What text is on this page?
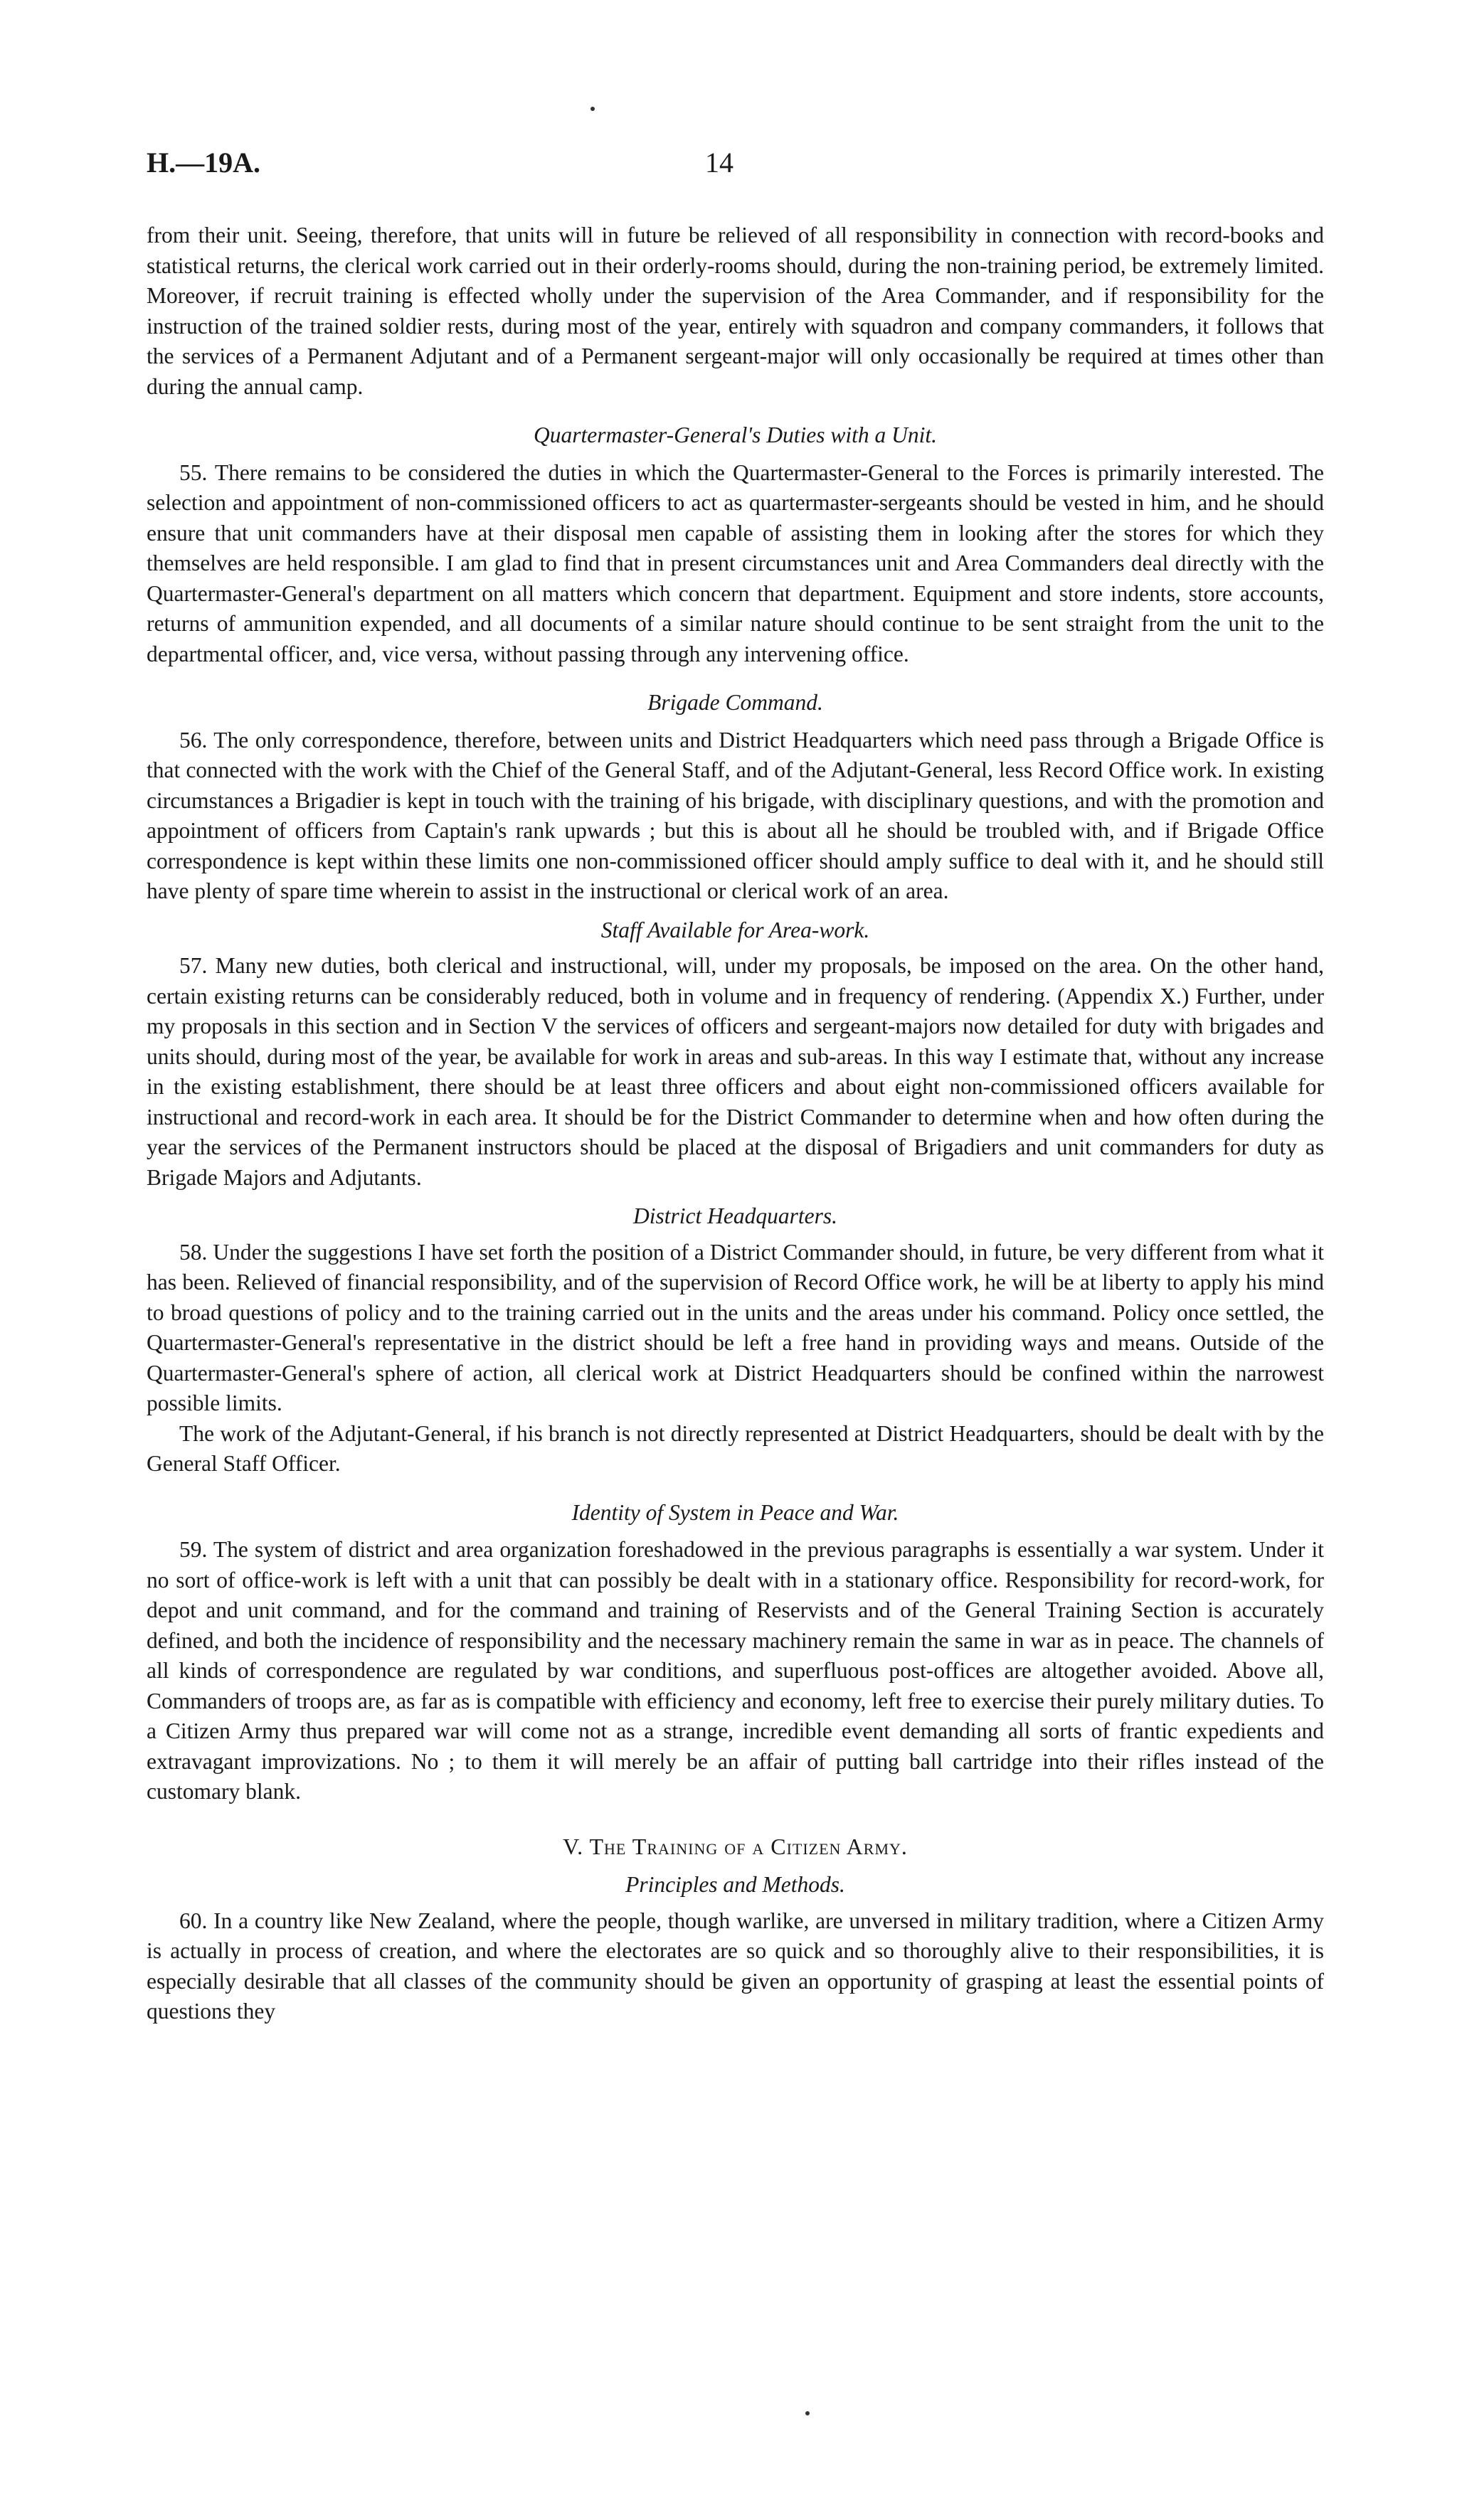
H.—19A.	14

from their unit. Seeing, therefore, that units will in future be relieved of all responsibility in connection with record-books and statistical returns, the clerical work carried out in their orderly-rooms should, during the non-training period, be extremely limited. Moreover, if recruit training is effected wholly under the supervision of the Area Commander, and if responsibility for the instruction of the trained soldier rests, during most of the year, entirely with squadron and company commanders, it follows that the services of a Permanent Adjutant and of a Permanent sergeant-major will only occasionally be required at times other than during the annual camp.

Quartermaster-General's Duties with a Unit.

55. There remains to be considered the duties in which the Quartermaster-General to the Forces is primarily interested. The selection and appointment of non-commissioned officers to act as quartermaster-sergeants should be vested in him, and he should ensure that unit commanders have at their disposal men capable of assisting them in looking after the stores for which they themselves are held responsible. I am glad to find that in present circumstances unit and Area Commanders deal directly with the Quartermaster-General's department on all matters which concern that department. Equipment and store indents, store accounts, returns of ammunition expended, and all documents of a similar nature should continue to be sent straight from the unit to the departmental officer, and, vice versa, without passing through any intervening office.

Brigade Command.

56. The only correspondence, therefore, between units and District Headquarters which need pass through a Brigade Office is that connected with the work with the Chief of the General Staff, and of the Adjutant-General, less Record Office work. In existing circumstances a Brigadier is kept in touch with the training of his brigade, with disciplinary questions, and with the promotion and appointment of officers from Captain's rank upwards ; but this is about all he should be troubled with, and if Brigade Office correspondence is kept within these limits one non-commissioned officer should amply suffice to deal with it, and he should still have plenty of spare time wherein to assist in the instructional or clerical work of an area.

Staff Available for Area-work.

57. Many new duties, both clerical and instructional, will, under my proposals, be imposed on the area. On the other hand, certain existing returns can be considerably reduced, both in volume and in frequency of rendering. (Appendix X.) Further, under my proposals in this section and in Section V the services of officers and sergeant-majors now detailed for duty with brigades and units should, during most of the year, be available for work in areas and sub-areas. In this way I estimate that, without any increase in the existing establishment, there should be at least three officers and about eight non-commissioned officers available for instructional and record-work in each area. It should be for the District Commander to determine when and how often during the year the services of the Permanent instructors should be placed at the disposal of Brigadiers and unit commanders for duty as Brigade Majors and Adjutants.

District Headquarters.

58. Under the suggestions I have set forth the position of a District Commander should, in future, be very different from what it has been. Relieved of financial responsibility, and of the supervision of Record Office work, he will be at liberty to apply his mind to broad questions of policy and to the training carried out in the units and the areas under his command. Policy once settled, the Quartermaster-General's representative in the district should be left a free hand in providing ways and means. Outside of the Quartermaster-General's sphere of action, all clerical work at District Headquarters should be confined within the narrowest possible limits.

The work of the Adjutant-General, if his branch is not directly represented at District Headquarters, should be dealt with by the General Staff Officer.

Identity of System in Peace and War.

59. The system of district and area organization foreshadowed in the previous paragraphs is essentially a war system. Under it no sort of office-work is left with a unit that can possibly be dealt with in a stationary office. Responsibility for record-work, for depot and unit command, and for the command and training of Reservists and of the General Training Section is accurately defined, and both the incidence of responsibility and the necessary machinery remain the same in war as in peace. The channels of all kinds of correspondence are regulated by war conditions, and superfluous post-offices are altogether avoided. Above all, Commanders of troops are, as far as is compatible with efficiency and economy, left free to exercise their purely military duties. To a Citizen Army thus prepared war will come not as a strange, incredible event demanding all sorts of frantic expedients and extravagant improvizations. No ; to them it will merely be an affair of putting ball cartridge into their rifles instead of the customary blank.

V. The Training of a Citizen Army.
Principles and Methods.

60. In a country like New Zealand, where the people, though warlike, are unversed in military tradition, where a Citizen Army is actually in process of creation, and where the electorates are so quick and so thoroughly alive to their responsibilities, it is especially desirable that all classes of the community should be given an opportunity of grasping at least the essential points of questions they
